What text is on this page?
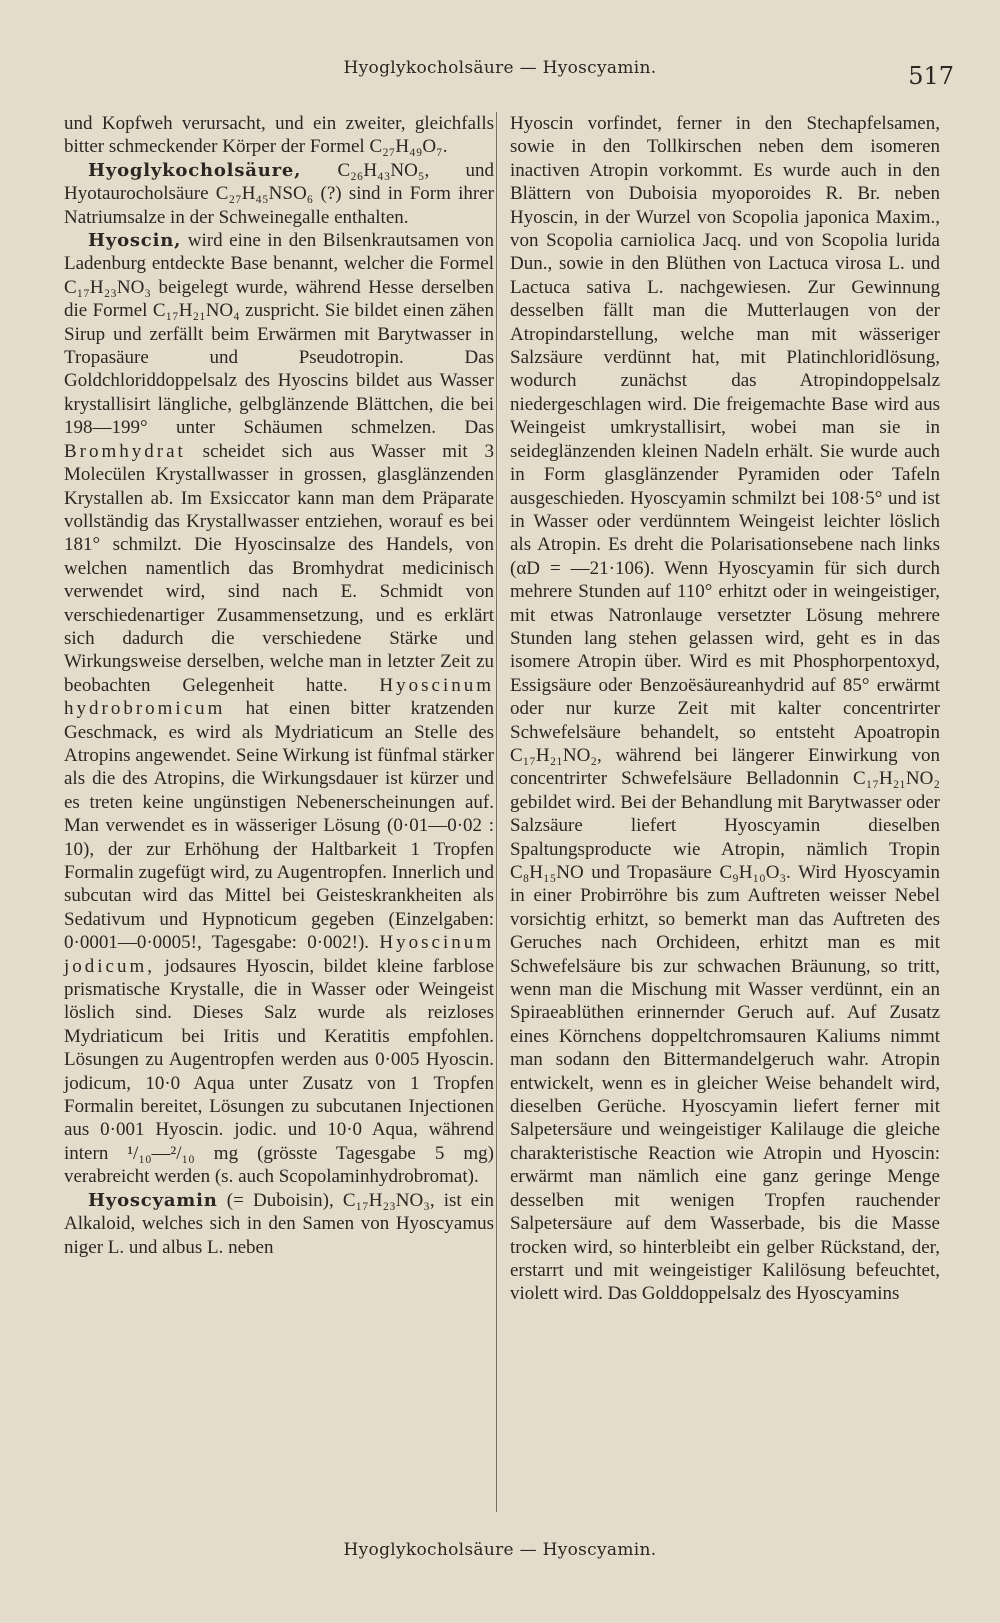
Hyoglykocholsäure — Hyoscyamin.	517

und Kopfweh verursacht, und ein zweiter, gleichfalls bitter schmeckender Körper der Formel C₂₇H₄₉O₇.

Hyoglykocholsäure, C₂₆H₄₃NO₅, und Hyotaurocholsäure C₂₇H₄₅NSO₆ (?) sind in Form ihrer Natriumsalze in der Schweinegalle enthalten.

Hyoscin, wird eine in den Bilsenkrautsamen von Ladenburg entdeckte Base benannt, welcher die Formel C₁₇H₂₃NO₃ beigelegt wurde, während Hesse derselben die Formel C₁₇H₂₁NO₄ zuspricht. Sie bildet einen zähen Sirup und zerfällt beim Erwärmen mit Barytwasser in Tropasäure und Pseudotropin. Das Goldchloriddoppelsalz des Hyoscins bildet aus Wasser krystallisirt längliche, gelbglänzende Blättchen, die bei 198—199° unter Schäumen schmelzen. Das Bromhydrat scheidet sich aus Wasser mit 3 Molecülen Krystallwasser in grossen, glasglänzenden Krystallen ab. Im Exsiccator kann man dem Präparate vollständig das Krystallwasser entziehen, worauf es bei 181° schmilzt. Die Hyoscinsalze des Handels, von welchen namentlich das Bromhydrat medicinisch verwendet wird, sind nach E. Schmidt von verschiedenartiger Zusammensetzung, und es erklärt sich dadurch die verschiedene Stärke und Wirkungsweise derselben, welche man in letzter Zeit zu beobachten Gelegenheit hatte. Hyoscinum hydrobromicum hat einen bitter kratzenden Geschmack, es wird als Mydriaticum an Stelle des Atropins angewendet. Seine Wirkung ist fünfmal stärker als die des Atropins, die Wirkungsdauer ist kürzer und es treten keine ungünstigen Nebenerscheinungen auf. Man verwendet es in wässeriger Lösung (0·01—0·02 : 10), der zur Erhöhung der Haltbarkeit 1 Tropfen Formalin zugefügt wird, zu Augentropfen. Innerlich und subcutan wird das Mittel bei Geisteskrankheiten als Sedativum und Hypnoticum gegeben (Einzelgaben: 0·0001—0·0005!, Tagesgabe: 0·002!). Hyoscinum jodicum, jodsaures Hyoscin, bildet kleine farblose prismatische Krystalle, die in Wasser oder Weingeist löslich sind. Dieses Salz wurde als reizloses Mydriaticum bei Iritis und Keratitis empfohlen. Lösungen zu Augentropfen werden aus 0·005 Hyoscin. jodicum, 10·0 Aqua unter Zusatz von 1 Tropfen Formalin bereitet, Lösungen zu subcutanen Injectionen aus 0·001 Hyoscin. jodic. und 10·0 Aqua, während intern ¹/₁₀—²/₁₀ mg (grösste Tagesgabe 5 mg) verabreicht werden (s. auch Scopolaminhydrobromat).

Hyoscyamin (= Duboisin), C₁₇H₂₃NO₃, ist ein Alkaloid, welches sich in den Samen von Hyoscyamus niger L. und albus L. neben

Hyoscin vorfindet, ferner in den Stechapfelsamen, sowie in den Tollkirschen neben dem isomeren inactiven Atropin vorkommt. Es wurde auch in den Blättern von Duboisia myoporoides R. Br. neben Hyoscin, in der Wurzel von Scopolia japonica Maxim., von Scopolia carniolica Jacq. und von Scopolia lurida Dun., sowie in den Blüthen von Lactuca virosa L. und Lactuca sativa L. nachgewiesen. Zur Gewinnung desselben fällt man die Mutterlaugen von der Atropindarstellung, welche man mit wässeriger Salzsäure verdünnt hat, mit Platinchloridlösung, wodurch zunächst das Atropindoppelsalz niedergeschlagen wird. Die freigemachte Base wird aus Weingeist umkrystallisirt, wobei man sie in seideglänzenden kleinen Nadeln erhält. Sie wurde auch in Form glasglänzender Pyramiden oder Tafeln ausgeschieden. Hyoscyamin schmilzt bei 108·5° und ist in Wasser oder verdünntem Weingeist leichter löslich als Atropin. Es dreht die Polarisationsebene nach links (αD = —21·106). Wenn Hyoscyamin für sich durch mehrere Stunden auf 110° erhitzt oder in weingeistiger, mit etwas Natronlauge versetzter Lösung mehrere Stunden lang stehen gelassen wird, geht es in das isomere Atropin über. Wird es mit Phosphorpentoxyd, Essigsäure oder Benzoësäureanhydrid auf 85° erwärmt oder nur kurze Zeit mit kalter concentrirter Schwefelsäure behandelt, so entsteht Apoatropin C₁₇H₂₁NO₂, während bei längerer Einwirkung von concentrirter Schwefelsäure Belladonnin C₁₇H₂₁NO₂ gebildet wird. Bei der Behandlung mit Barytwasser oder Salzsäure liefert Hyoscyamin dieselben Spaltungsproducte wie Atropin, nämlich Tropin C₈H₁₅NO und Tropasäure C₉H₁₀O₃. Wird Hyoscyamin in einer Probirröhre bis zum Auftreten weisser Nebel vorsichtig erhitzt, so bemerkt man das Auftreten des Geruches nach Orchideen, erhitzt man es mit Schwefelsäure bis zur schwachen Bräunung, so tritt, wenn man die Mischung mit Wasser verdünnt, ein an Spiraeablüthen erinnernder Geruch auf. Auf Zusatz eines Körnchens doppeltchromsauren Kaliums nimmt man sodann den Bittermandelgeruch wahr. Atropin entwickelt, wenn es in gleicher Weise behandelt wird, dieselben Gerüche. Hyoscyamin liefert ferner mit Salpetersäure und weingeistiger Kalilauge die gleiche charakteristische Reaction wie Atropin und Hyoscin: erwärmt man nämlich eine ganz geringe Menge desselben mit wenigen Tropfen rauchender Salpetersäure auf dem Wasserbade, bis die Masse trocken wird, so hinterbleibt ein gelber Rückstand, der, erstarrt und mit weingeistiger Kalilösung befeuchtet, violett wird. Das Golddoppelsalz des Hyoscyamins

Hyoglykocholsäure — Hyoscyamin.
